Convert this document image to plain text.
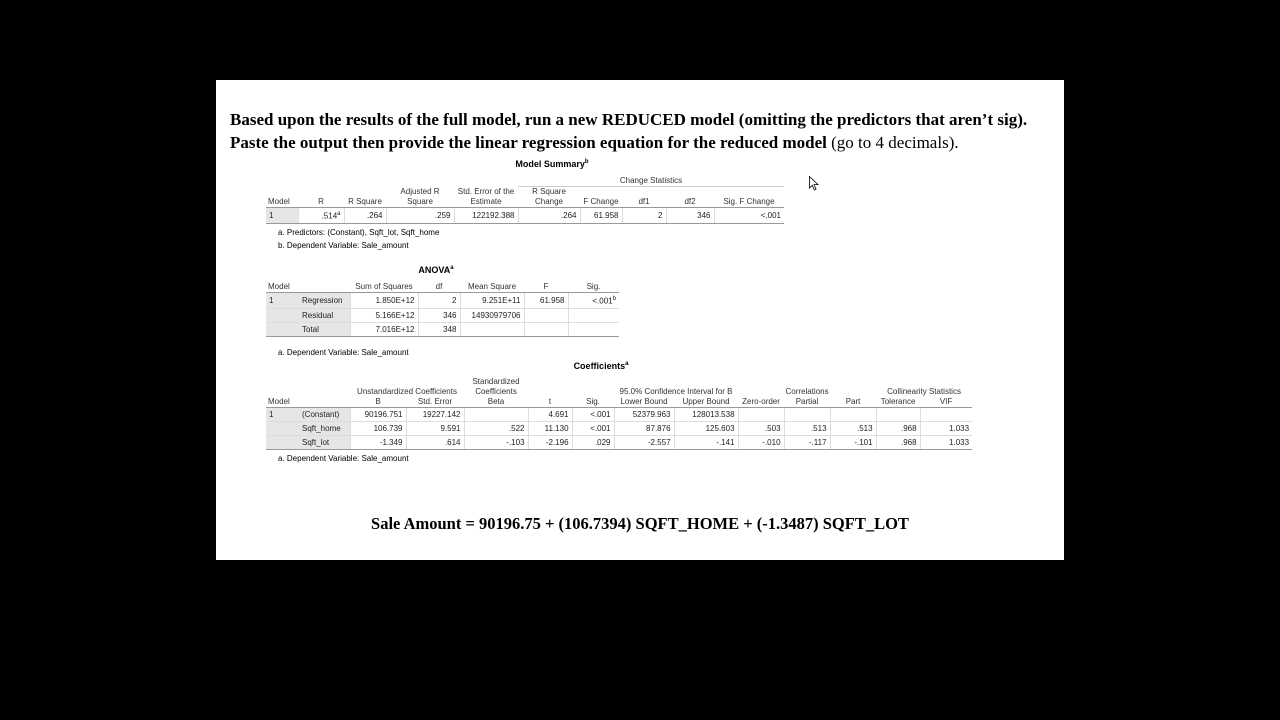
Based upon the results of the full model, run a new REDUCED model (omitting the predictors that aren’t sig). Paste the output then provide the linear regression equation for the reduced model (go to 4 decimals).

Model Summary$^b$
					Change Statistics				
Model	R	R Square	Adjusted R Square	Std. Error of the Estimate	R Square Change	F Change	df1	df2	Sig. F Change
1	.514$^a$	.264	.259	122192.388	.264	61.958	2	346	<.001
a. Predictors: (Constant), Sqft_lot, Sqft_home
b. Dependent Variable: Sale_amount
ANOVA$^a$
Model		Sum of Squares	df	Mean Square	F	Sig.
1	Regression	1.850E+12	2	9.251E+11	61.958	<.001$^b$
	Residual	5.166E+12	346	14930979706		
	Total	7.016E+12	348			
a. Dependent Variable: Sale_amount
Coefficients$^a$
		Unstandardized Coefficients		Standardized Coefficients			95.0% Confidence Interval for B		Correlations			Collinearity Statistics	
Model		B	Std. Error	Beta	t	Sig.	Lower Bound	Upper Bound	Zero-order	Partial	Part	Tolerance	VIF
1	(Constant)	90196.751	19227.142		4.691	<.001	52379.963	128013.538					
	Sqft_home	106.739	9.591	.522	11.130	<.001	87.876	125.603	.503	.513	.513	.968	1.033
	Sqft_lot	-1.349	.614	-.103	-2.196	.029	-2.557	-.141	-.010	-.117	-.101	.968	1.033
a. Dependent Variable: Sale_amount
Sale Amount = 90196.75 + (106.7394) SQFT_HOME + (-1.3487) SQFT_LOT
